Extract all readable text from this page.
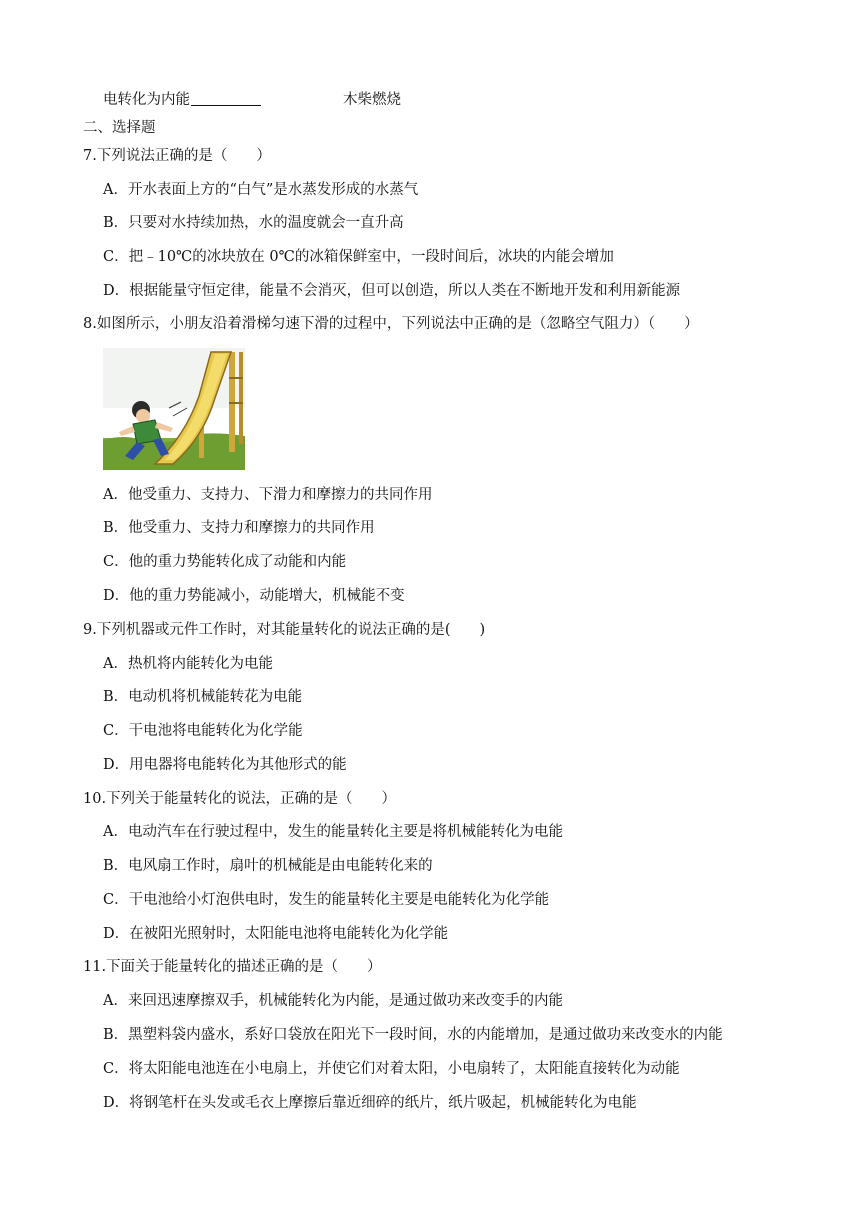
电转化为内能	木柴燃烧
二、选择题
7.下列说法正确的是（　　）
A．开水表面上方的“白气”是水蒸发形成的水蒸气
B．只要对水持续加热，水的温度就会一直升高
C．把﹣10℃的冰块放在 0℃的冰箱保鲜室中，一段时间后，冰块的内能会增加
D．根据能量守恒定律，能量不会消灭，但可以创造，所以人类在不断地开发和利用新能源
8.如图所示，小朋友沿着滑梯匀速下滑的过程中，下列说法中正确的是（忽略空气阻力）（　　）
A．他受重力、支持力、下滑力和摩擦力的共同作用
B．他受重力、支持力和摩擦力的共同作用
C．他的重力势能转化成了动能和内能
D．他的重力势能减小，动能增大，机械能不变
9.下列机器或元件工作时，对其能量转化的说法正确的是(　　)
A．热机将内能转化为电能
B．电动机将机械能转花为电能
C．干电池将电能转化为化学能
D．用电器将电能转化为其他形式的能
10.下列关于能量转化的说法，正确的是（　　）
A．电动汽车在行驶过程中，发生的能量转化主要是将机械能转化为电能
B．电风扇工作时，扇叶的机械能是由电能转化来的
C．干电池给小灯泡供电时，发生的能量转化主要是电能转化为化学能
D．在被阳光照射时，太阳能电池将电能转化为化学能
11.下面关于能量转化的描述正确的是（　　）
A．来回迅速摩擦双手，机械能转化为内能，是通过做功来改变手的内能
B．黑塑料袋内盛水，系好口袋放在阳光下一段时间，水的内能增加，是通过做功来改变水的内能
C．将太阳能电池连在小电扇上，并使它们对着太阳，小电扇转了，太阳能直接转化为动能
D．将钢笔杆在头发或毛衣上摩擦后靠近细碎的纸片，纸片吸起，机械能转化为电能
